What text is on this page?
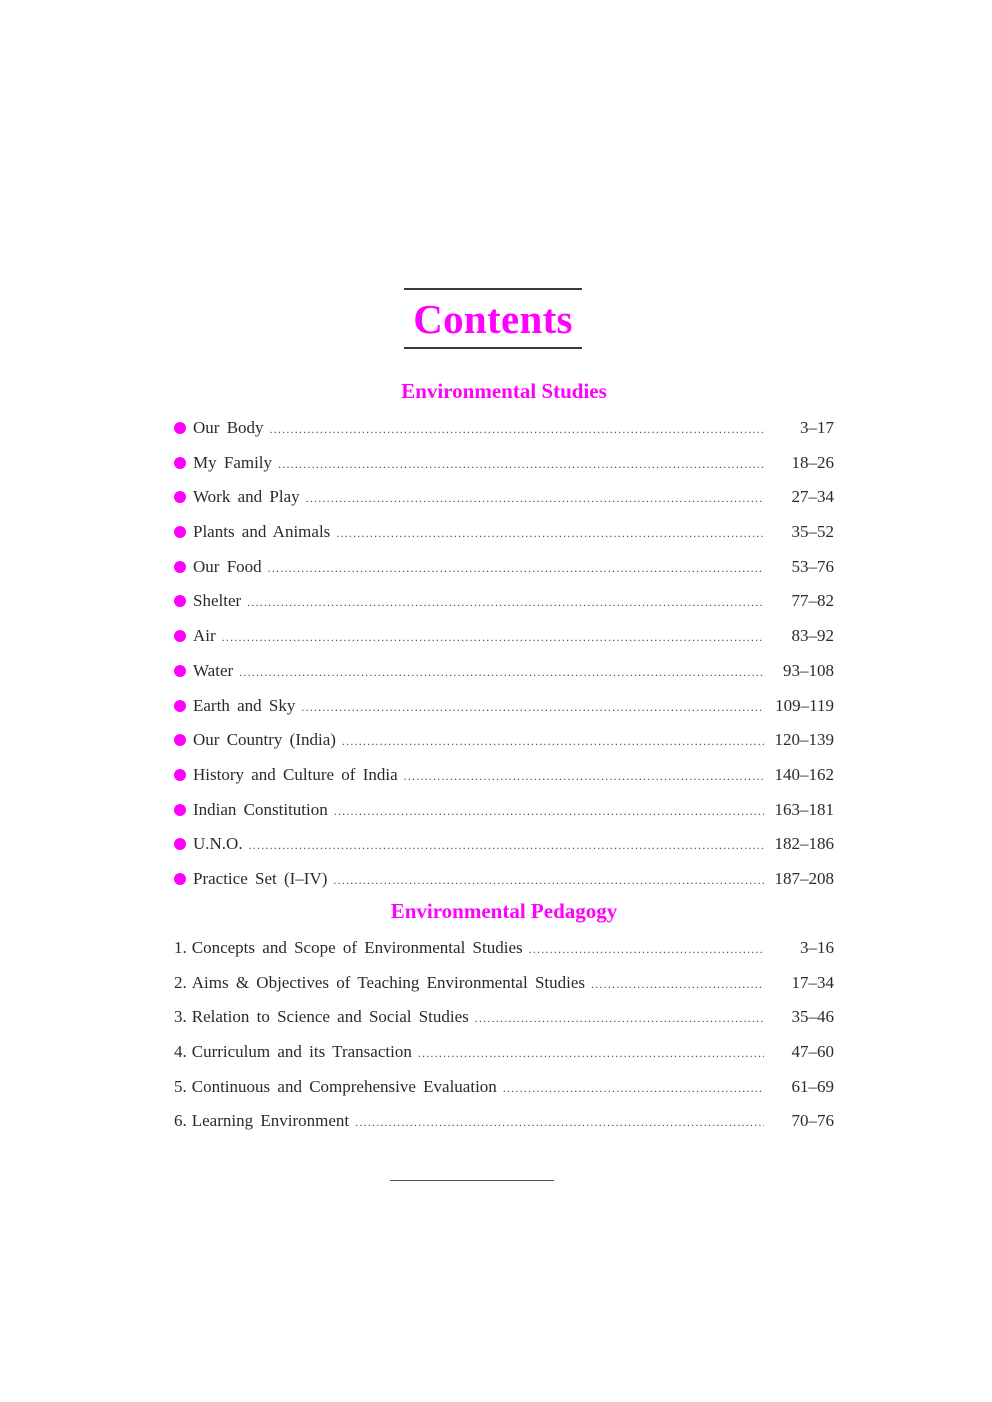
Contents
Environmental Studies
Our Body .....	3–17
My Family .....	18–26
Work and Play .....	27–34
Plants and Animals .....	35–52
Our Food .....	53–76
Shelter .....	77–82
Air .....	83–92
Water .....	93–108
Earth and Sky .....	109–119
Our Country (India) .....	120–139
History and Culture of India .....	140–162
Indian Constitution .....	163–181
U.N.O. .....	182–186
Practice Set (I–IV) .....	187–208
Environmental Pedagogy
1. Concepts and Scope of Environmental Studies .....	3–16
2. Aims & Objectives of Teaching Environmental Studies .....	17–34
3. Relation to Science and Social Studies .....	35–46
4. Curriculum and its Transaction .....	47–60
5. Continuous and Comprehensive Evaluation .....	61–69
6. Learning Environment .....	70–76
